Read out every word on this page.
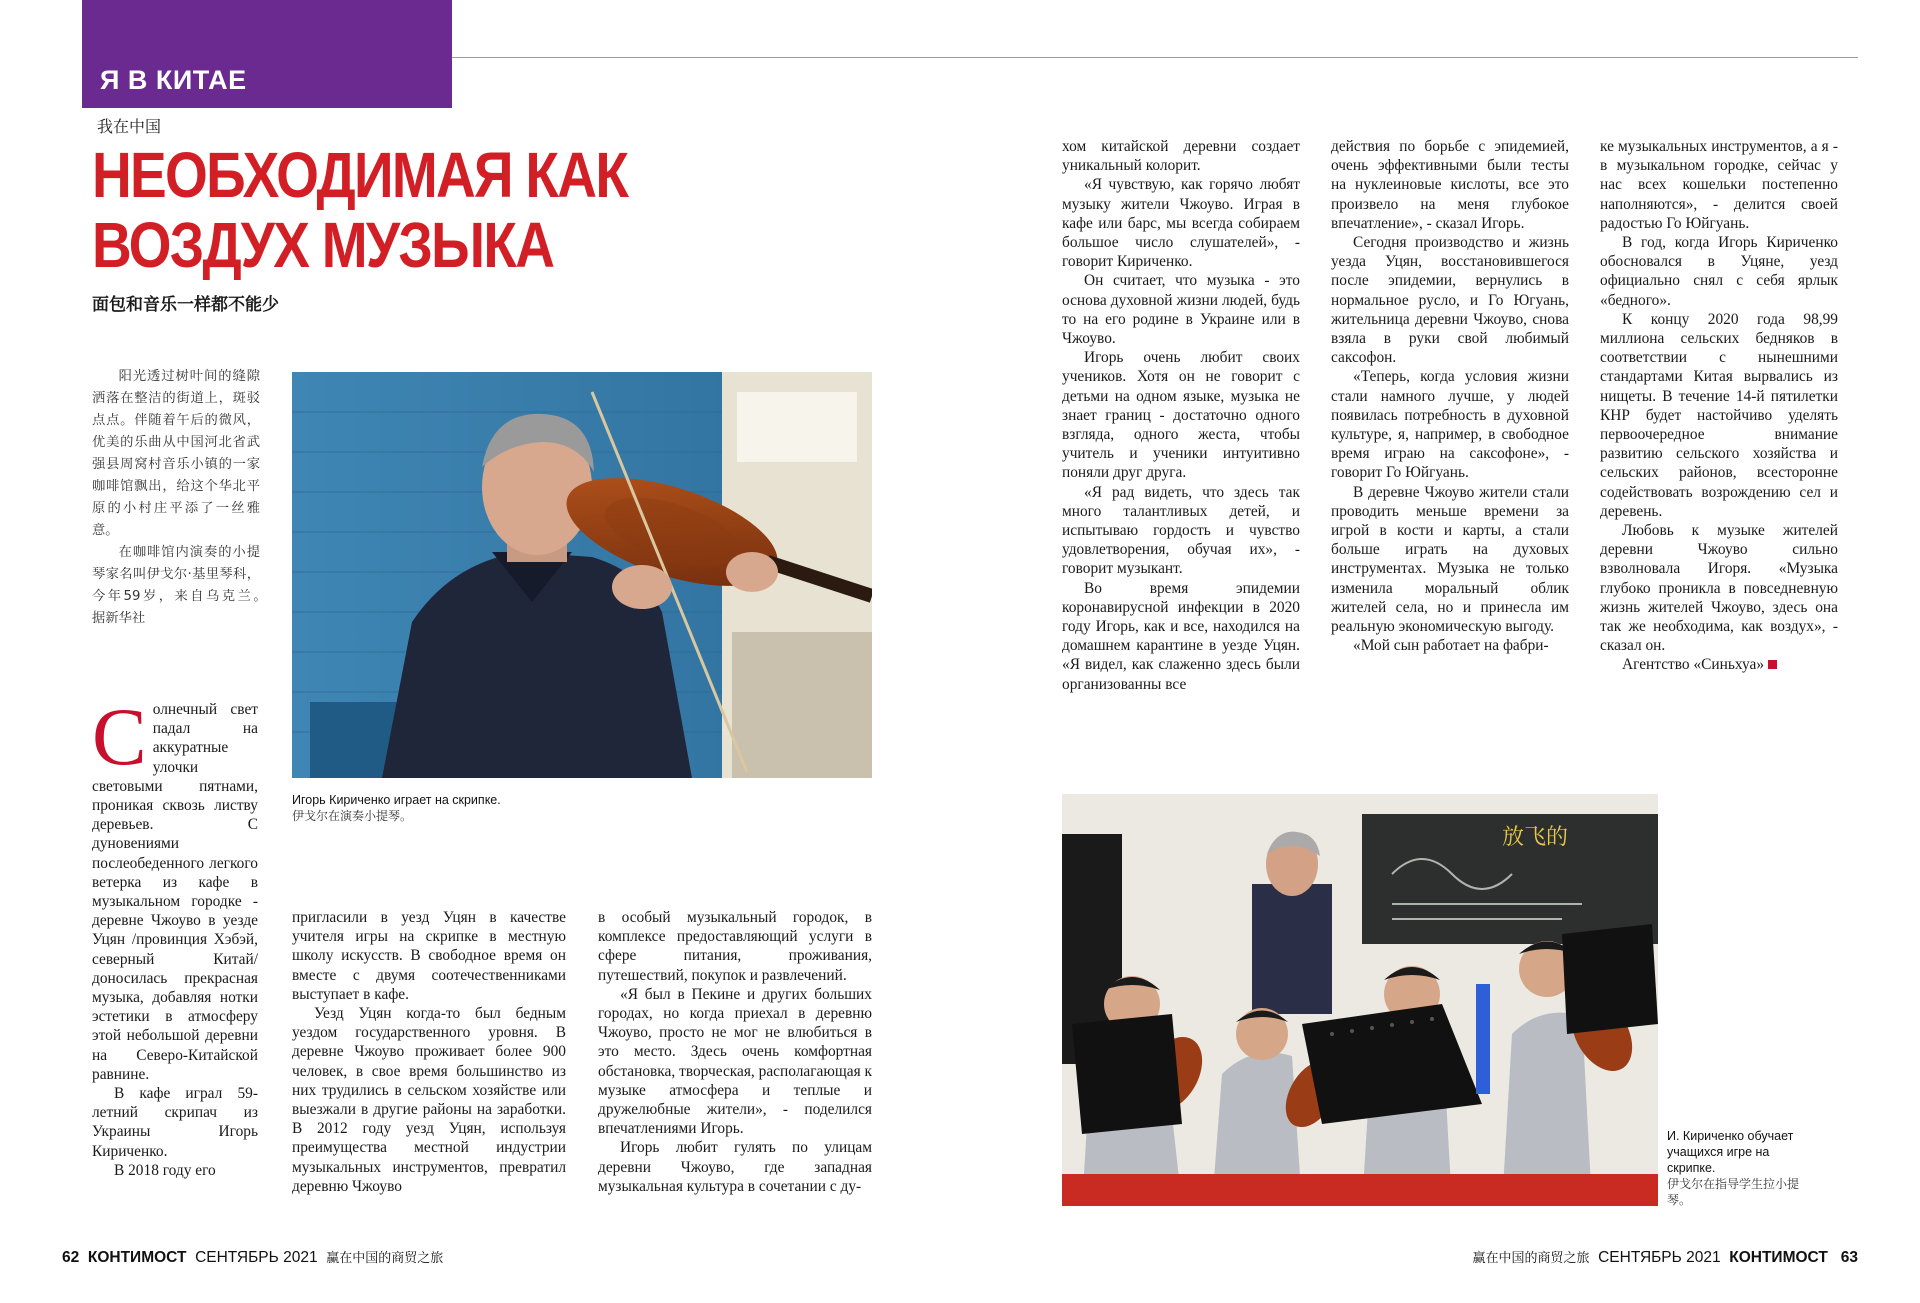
Я В КИТАЕ
我在中国
НЕОБХОДИМАЯ КАК ВОЗДУХ МУЗЫКА
面包和音乐一样都不能少

阳光透过树叶间的缝隙洒落在整洁的街道上，斑驳点点。伴随着午后的微风，优美的乐曲从中国河北省武强县周窝村音乐小镇的一家咖啡馆飘出，给这个华北平原的小村庄平添了一丝雅意。

在咖啡馆内演奏的小提琴家名叫伊戈尔·基里琴科，今年59岁，来自乌克兰。　　据新华社

Игорь Кириченко играет на скрипке.
伊戈尔在演奏小提琴。
放飞的
И. Кириченко обучает учащихся игре на скрипке.
伊戈尔在指导学生拉小提琴。

Солнечный свет падал на аккуратные улочки световыми пятнами, проникая сквозь листву деревьев. С дуновениями послеобеденного легкого ветерка из кафе в музыкальном городке - деревне Чжоуво в уезде Уцян /провинция Хэбэй, северный Китай/ доносилась прекрасная музыка, добавляя нотки эстетики в атмосферу этой небольшой деревни на Северо-Китайской равнине.

В кафе играл 59-летний скрипач из Украины Игорь Кириченко.

В 2018 году его

пригласили в уезд Уцян в качестве учителя игры на скрипке в местную школу искусств. В свободное время он вместе с двумя соотечественниками выступает в кафе.

Уезд Уцян когда-то был бедным уездом государственного уровня. В деревне Чжоуво проживает более 900 человек, в свое время большинство из них трудились в сельском хозяйстве или выезжали в другие районы на заработки. В 2012 году уезд Уцян, используя преимущества местной индустрии музыкальных инструментов, превратил деревню Чжоуво

в особый музыкальный городок, в комплексе предоставляющий услуги в сфере питания, проживания, путешествий, покупок и развлечений.

«Я был в Пекине и других больших городах, но когда приехал в деревню Чжоуво, просто не мог не влюбиться в это место. Здесь очень комфортная обстановка, творческая, располагающая к музыке атмосфера и теплые и дружелюбные жители», - поделился впечатлениями Игорь.

Игорь любит гулять по улицам деревни Чжоуво, где западная музыкальная культура в сочетании с ду-

хом китайской деревни создает уникальный колорит.

«Я чувствую, как горячо любят музыку жители Чжоуво. Играя в кафе или барс, мы всегда собираем большое число слушателей», - говорит Кириченко.

Он считает, что музыка - это основа духовной жизни людей, будь то на его родине в Украине или в Чжоуво.

Игорь очень любит своих учеников. Хотя он не говорит с детьми на одном языке, музыка не знает границ - достаточно одного взгляда, одного жеста, чтобы учитель и ученики интуитивно поняли друг друга.

«Я рад видеть, что здесь так много талантливых детей, и испытываю гордость и чувство удовлетворения, обучая их», - говорит музыкант.

Во время эпидемии коронавирусной инфекции в 2020 году Игорь, как и все, находился на домашнем карантине в уезде Уцян. «Я видел, как слаженно здесь были организованны все

действия по борьбе с эпидемией, очень эффективными были тесты на нуклеиновые кислоты, все это произвело на меня глубокое впечатление», - сказал Игорь.

Сегодня производство и жизнь уезда Уцян, восстановившегося после эпидемии, вернулись в нормальное русло, и Го Югуань, жительница деревни Чжоуво, снова взяла в руки свой любимый саксофон.

«Теперь, когда условия жизни стали намного лучше, у людей появилась потребность в духовной культуре, я, например, в свободное время играю на саксофоне», - говорит Го Юйгуань.

В деревне Чжоуво жители стали проводить меньше времени за игрой в кости и карты, а стали больше играть на духовых инструментах. Музыка не только изменила моральный облик жителей села, но и принесла им реальную экономическую выгоду.

«Мой сын работает на фабри-

ке музыкальных инструментов, а я - в музыкальном городке, сейчас у нас всех кошельки постепенно наполняются», - делится своей радостью Го Юйгуань.

В год, когда Игорь Кириченко обосновался в Уцяне, уезд официально снял с себя ярлык «бедного».

К концу 2020 года 98,99 миллиона сельских бедняков в соответствии с нынешними стандартами Китая вырвались из нищеты. В течение 14-й пятилетки КНР будет настойчиво уделять первоочередное внимание развитию сельского хозяйства и сельских районов, всесторонне содействовать возрождению сел и деревень.

Любовь к музыке жителей деревни Чжоуво сильно взволновала Игоря. «Музыка глубоко проникла в повседневную жизнь жителей Чжоуво, здесь она так же необходима, как воздух», - сказал он.

Агентство «Синьхуа»

62 КОНТИМОСТ СЕНТЯБРЬ 2021 赢在中国的商贸之旅	赢在中国的商贸之旅 СЕНТЯБРЬ 2021 КОНТИМОСТ 63
